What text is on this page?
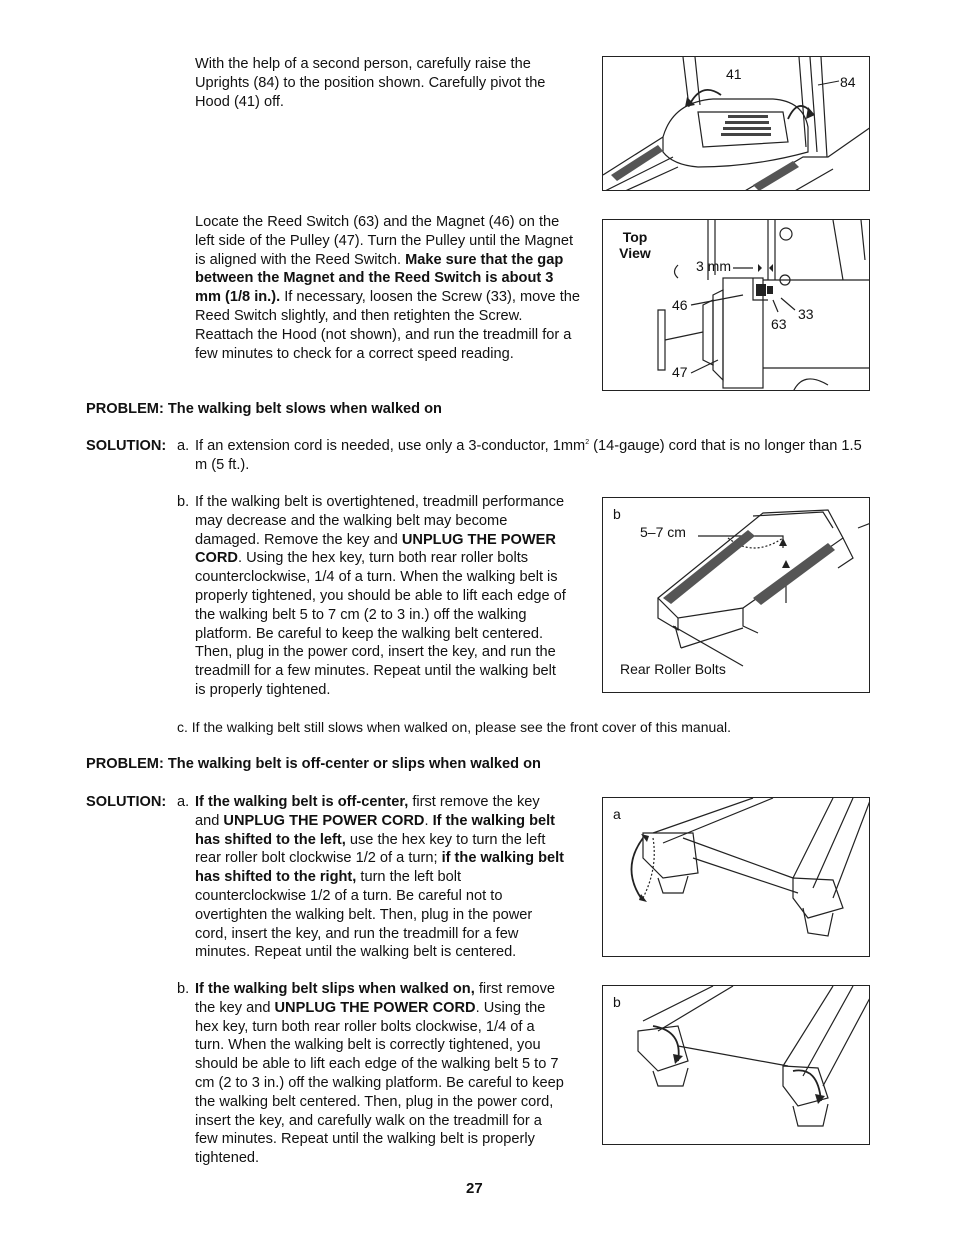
With the help of a second person, carefully raise the Uprights (84) to the position shown. Carefully pivot the Hood (41) off.

41	84

Locate the Reed Switch (63) and the Magnet (46) on the left side of the Pulley (47). Turn the Pulley until the Magnet is aligned with the Reed Switch. Make sure that the gap between the Magnet and the Reed Switch is about 3 mm (1/8 in.). If necessary, loosen the Screw (33), move the Reed Switch slightly, and then retighten the Screw. Reattach the Hood (not shown), and run the treadmill for a few minutes to check for a correct speed reading.

Top
View
3 mm
46
47
63
33
PROBLEM: The walking belt slows when walked on
SOLUTION: a. If an extension cord is needed, use only a 3-conductor, $1mm^2$ (14-gauge) cord that is no longer than 1.5 m (5 ft.).

b. If the walking belt is overtightened, treadmill performance may decrease and the walking belt may become damaged. Remove the key and UNPLUG THE POWER CORD. Using the hex key, turn both rear roller bolts counterclockwise, 1/4 of a turn. When the walking belt is properly tightened, you should be able to lift each edge of the walking belt 5 to 7 cm (2 to 3 in.) off the walking platform. Be careful to keep the walking belt centered. Then, plug in the power cord, insert the key, and run the treadmill for a few minutes. Repeat until the walking belt is properly tightened.

b
5–7 cm
Rear Roller Bolts
c. If the walking belt still slows when walked on, please see the front cover of this manual.
PROBLEM: The walking belt is off-center or slips when walked on
SOLUTION: a. If the walking belt is off-center, first remove the key and UNPLUG THE POWER CORD. If the walking belt has shifted to the left, use the hex key to turn the left rear roller bolt clockwise 1/2 of a turn; if the walking belt has shifted to the right, turn the left bolt counterclockwise 1/2 of a turn. Be careful not to overtighten the walking belt. Then, plug in the power cord, insert the key, and run the treadmill for a few minutes. Repeat until the walking belt is centered.

a
b. If the walking belt slips when walked on, first remove the key and UNPLUG THE POWER CORD. Using the hex key, turn both rear roller bolts clockwise, 1/4 of a turn. When the walking belt is correctly tightened, you should be able to lift each edge of the walking belt 5 to 7 cm (2 to 3 in.) off the walking platform. Be careful to keep the walking belt centered. Then, plug in the power cord, insert the key, and carefully walk on the treadmill for a few minutes. Repeat until the walking belt is properly tightened.

b
27
